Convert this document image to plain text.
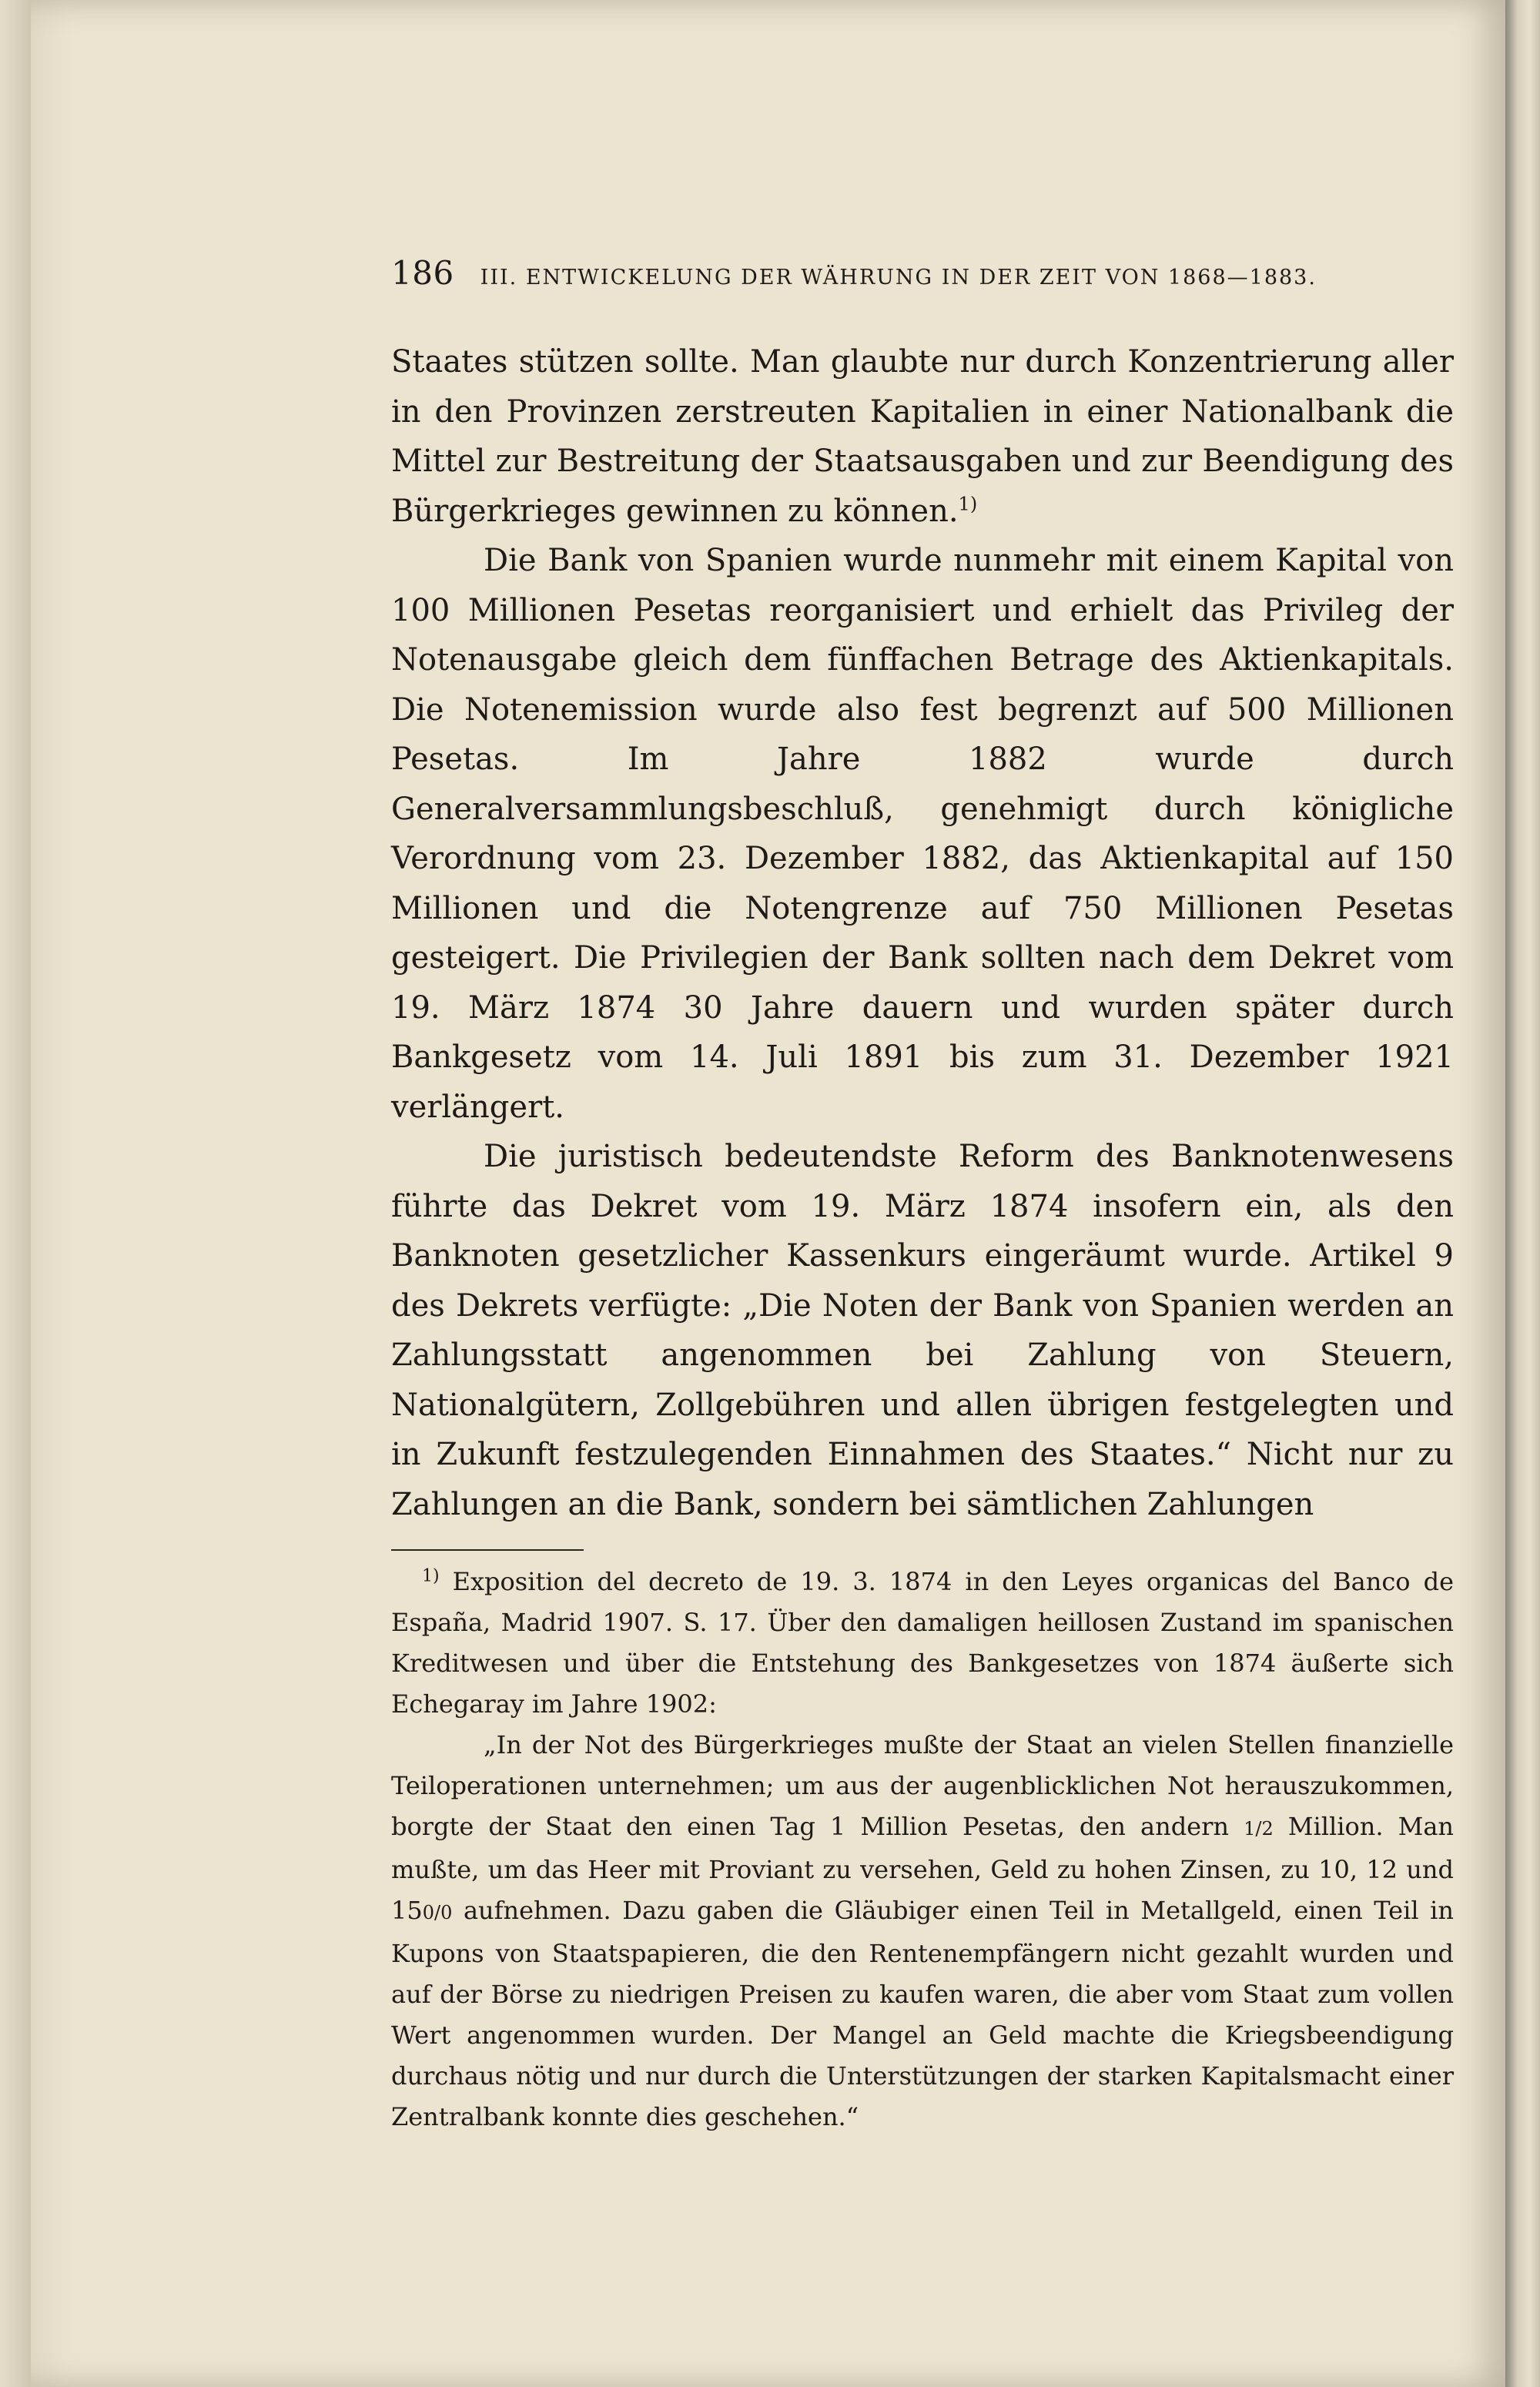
186 III. ENTWICKELUNG DER WÄHRUNG IN DER ZEIT VON 1868—1883.

Staates stützen sollte. Man glaubte nur durch Konzentrierung aller in den Provinzen zerstreuten Kapitalien in einer Nationalbank die Mittel zur Bestreitung der Staatsausgaben und zur Beendigung des Bürgerkrieges gewinnen zu können.$^{1)}$

Die Bank von Spanien wurde nunmehr mit einem Kapital von 100 Millionen Pesetas reorganisiert und erhielt das Privileg der Notenausgabe gleich dem fünffachen Betrage des Aktienkapitals. Die Notenemission wurde also fest begrenzt auf 500 Millionen Pesetas. Im Jahre 1882 wurde durch Generalversammlungsbeschluß, genehmigt durch königliche Verordnung vom 23. Dezember 1882, das Aktienkapital auf 150 Millionen und die Notengrenze auf 750 Millionen Pesetas gesteigert. Die Privilegien der Bank sollten nach dem Dekret vom 19. März 1874 30 Jahre dauern und wurden später durch Bankgesetz vom 14. Juli 1891 bis zum 31. Dezember 1921 verlängert.

Die juristisch bedeutendste Reform des Banknotenwesens führte das Dekret vom 19. März 1874 insofern ein, als den Banknoten gesetzlicher Kassenkurs eingeräumt wurde. Artikel 9 des Dekrets verfügte: „Die Noten der Bank von Spanien werden an Zahlungsstatt angenommen bei Zahlung von Steuern, Nationalgütern, Zollgebühren und allen übrigen festgelegten und in Zukunft festzulegenden Einnahmen des Staates.“ Nicht nur zu Zahlungen an die Bank, sondern bei sämtlichen Zahlungen

$^{1)}$ Exposition del decreto de 19. 3. 1874 in den Leyes organicas del Banco de España, Madrid 1907. S. 17. Über den damaligen heillosen Zustand im spanischen Kreditwesen und über die Entstehung des Bankgesetzes von 1874 äußerte sich Echegaray im Jahre 1902:

„In der Not des Bürgerkrieges mußte der Staat an vielen Stellen finanzielle Teiloperationen unternehmen; um aus der augenblicklichen Not herauszukommen, borgte der Staat den einen Tag 1 Million Pesetas, den andern 1/2 Million. Man mußte, um das Heer mit Proviant zu versehen, Geld zu hohen Zinsen, zu 10, 12 und 150/0 aufnehmen. Dazu gaben die Gläubiger einen Teil in Metallgeld, einen Teil in Kupons von Staatspapieren, die den Rentenempfängern nicht gezahlt wurden und auf der Börse zu niedrigen Preisen zu kaufen waren, die aber vom Staat zum vollen Wert angenommen wurden. Der Mangel an Geld machte die Kriegsbeendigung durchaus nötig und nur durch die Unterstützungen der starken Kapitalsmacht einer Zentralbank konnte dies geschehen.“
